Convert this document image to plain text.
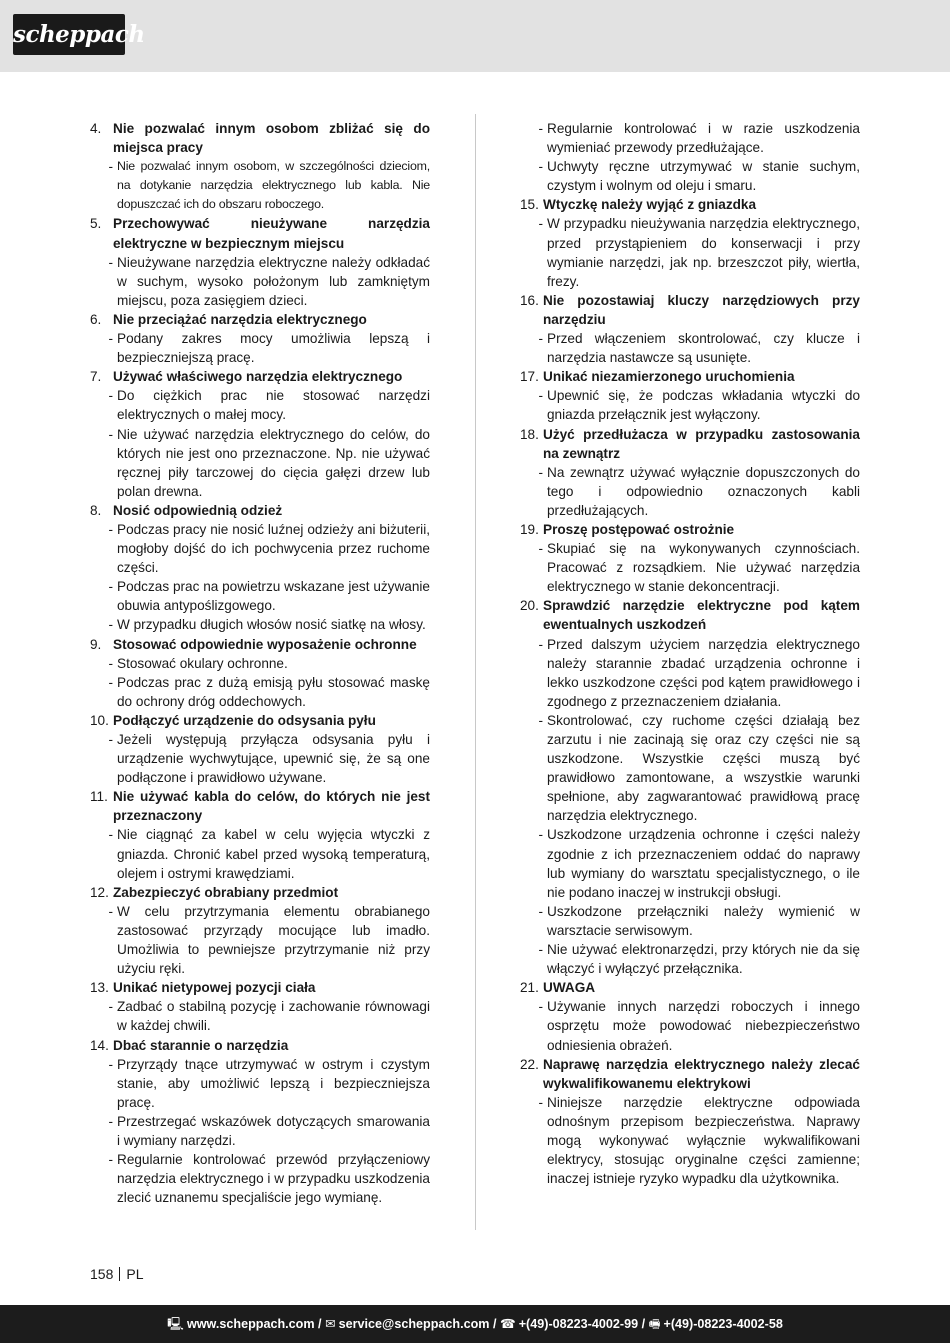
scheppach
4. Nie pozwalać innym osobom zbliżać się do miejsca pracy
- Nie pozwalać innym osobom, w szczególności dzieciom, na dotykanie narzędzia elektrycznego lub kabla. Nie dopuszczać ich do obszaru roboczego.
5. Przechowywać nieużywane narzędzia elektryczne w bezpiecznym miejscu
- Nieużywane narzędzia elektryczne należy odkładać w suchym, wysoko położonym lub zamkniętym miejscu, poza zasięgiem dzieci.
6. Nie przeciążać narzędzia elektrycznego
- Podany zakres mocy umożliwia lepszą i bezpieczniejszą pracę.
7. Używać właściwego narzędzia elektrycznego
- Do ciężkich prac nie stosować narzędzi elektrycznych o małej mocy.
- Nie używać narzędzia elektrycznego do celów, do których nie jest ono przeznaczone. Np. nie używać ręcznej piły tarczowej do cięcia gałęzi drzew lub polan drewna.
8. Nosić odpowiednią odzież
- Podczas pracy nie nosić luźnej odzieży ani biżuterii, mogłoby dojść do ich pochwycenia przez ruchome części.
- Podczas prac na powietrzu wskazane jest używanie obuwia antypoślizgowego.
- W przypadku długich włosów nosić siatkę na włosy.
9. Stosować odpowiednie wyposażenie ochronne
- Stosować okulary ochronne.
- Podczas prac z dużą emisją pyłu stosować maskę do ochrony dróg oddechowych.
10. Podłączyć urządzenie do odsysania pyłu
- Jeżeli występują przyłącza odsysania pyłu i urządzenie wychwytujące, upewnić się, że są one podłączone i prawidłowo używane.
11. Nie używać kabla do celów, do których nie jest przeznaczony
- Nie ciągnąć za kabel w celu wyjęcia wtyczki z gniazda. Chronić kabel przed wysoką temperaturą, olejem i ostrymi krawędziami.
12. Zabezpieczyć obrabiany przedmiot
- W celu przytrzymania elementu obrabianego zastosować przyrządy mocujące lub imadło. Umożliwia to pewniejsze przytrzymanie niż przy użyciu ręki.
13. Unikać nietypowej pozycji ciała
- Zadbać o stabilną pozycję i zachowanie równowagi w każdej chwili.
14. Dbać starannie o narzędzia
- Przyrządy tnące utrzymywać w ostrym i czystym stanie, aby umożliwić lepszą i bezpieczniejsza pracę.
- Przestrzegać wskazówek dotyczących smarowania i wymiany narzędzi.
- Regularnie kontrolować przewód przyłączeniowy narzędzia elektrycznego i w przypadku uszkodzenia zlecić uznanemu specjaliście jego wymianę.
- Regularnie kontrolować i w razie uszkodzenia wymieniać przewody przedłużające.
- Uchwyty ręczne utrzymywać w stanie suchym, czystym i wolnym od oleju i smaru.
15. Wtyczkę należy wyjąć z gniazdka
- W przypadku nieużywania narzędzia elektrycznego, przed przystąpieniem do konserwacji i przy wymianie narzędzi, jak np. brzeszczot piły, wiertła, frezy.
16. Nie pozostawiaj kluczy narzędziowych przy narzędziu
- Przed włączeniem skontrolować, czy klucze i narzędzia nastawcze są usunięte.
17. Unikać niezamierzonego uruchomienia
- Upewnić się, że podczas wkładania wtyczki do gniazda przełącznik jest wyłączony.
18. Użyć przedłużacza w przypadku zastosowania na zewnątrz
- Na zewnątrz używać wyłącznie dopuszczonych do tego i odpowiednio oznaczonych kabli przedłużających.
19. Proszę postępować ostrożnie
- Skupiać się na wykonywanych czynnościach. Pracować z rozsądkiem. Nie używać narzędzia elektrycznego w stanie dekoncentracji.
20. Sprawdzić narzędzie elektryczne pod kątem ewentualnych uszkodzeń
- Przed dalszym użyciem narzędzia elektrycznego należy starannie zbadać urządzenia ochronne i lekko uszkodzone części pod kątem prawidłowego i zgodnego z przeznaczeniem działania.
- Skontrolować, czy ruchome części działają bez zarzutu i nie zacinają się oraz czy części nie są uszkodzone. Wszystkie części muszą być prawidłowo zamontowane, a wszystkie warunki spełnione, aby zagwarantować prawidłową pracę narzędzia elektrycznego.
- Uszkodzone urządzenia ochronne i części należy zgodnie z ich przeznaczeniem oddać do naprawy lub wymiany do warsztatu specjalistycznego, o ile nie podano inaczej w instrukcji obsługi.
- Uszkodzone przełączniki należy wymienić w warsztacie serwisowym.
- Nie używać elektronarzędzi, przy których nie da się włączyć i wyłączyć przełącznika.
21. UWAGA
- Używanie innych narzędzi roboczych i innego osprzętu może powodować niebezpieczeństwo odniesienia obrażeń.
22. Naprawę narzędzia elektrycznego należy zlecać wykwalifikowanemu elektrykowi
- Niniejsze narzędzie elektryczne odpowiada odnośnym przepisom bezpieczeństwa. Naprawy mogą wykonywać wyłącznie wykwalifikowani elektrycy, stosując oryginalne części zamienne; inaczej istnieje ryzyko wypadku dla użytkownika.
158 PL
🖳 www.scheppach.com / ✉ service@scheppach.com / ☎ +(49)-08223-4002-99 / 🖷 +(49)-08223-4002-58
